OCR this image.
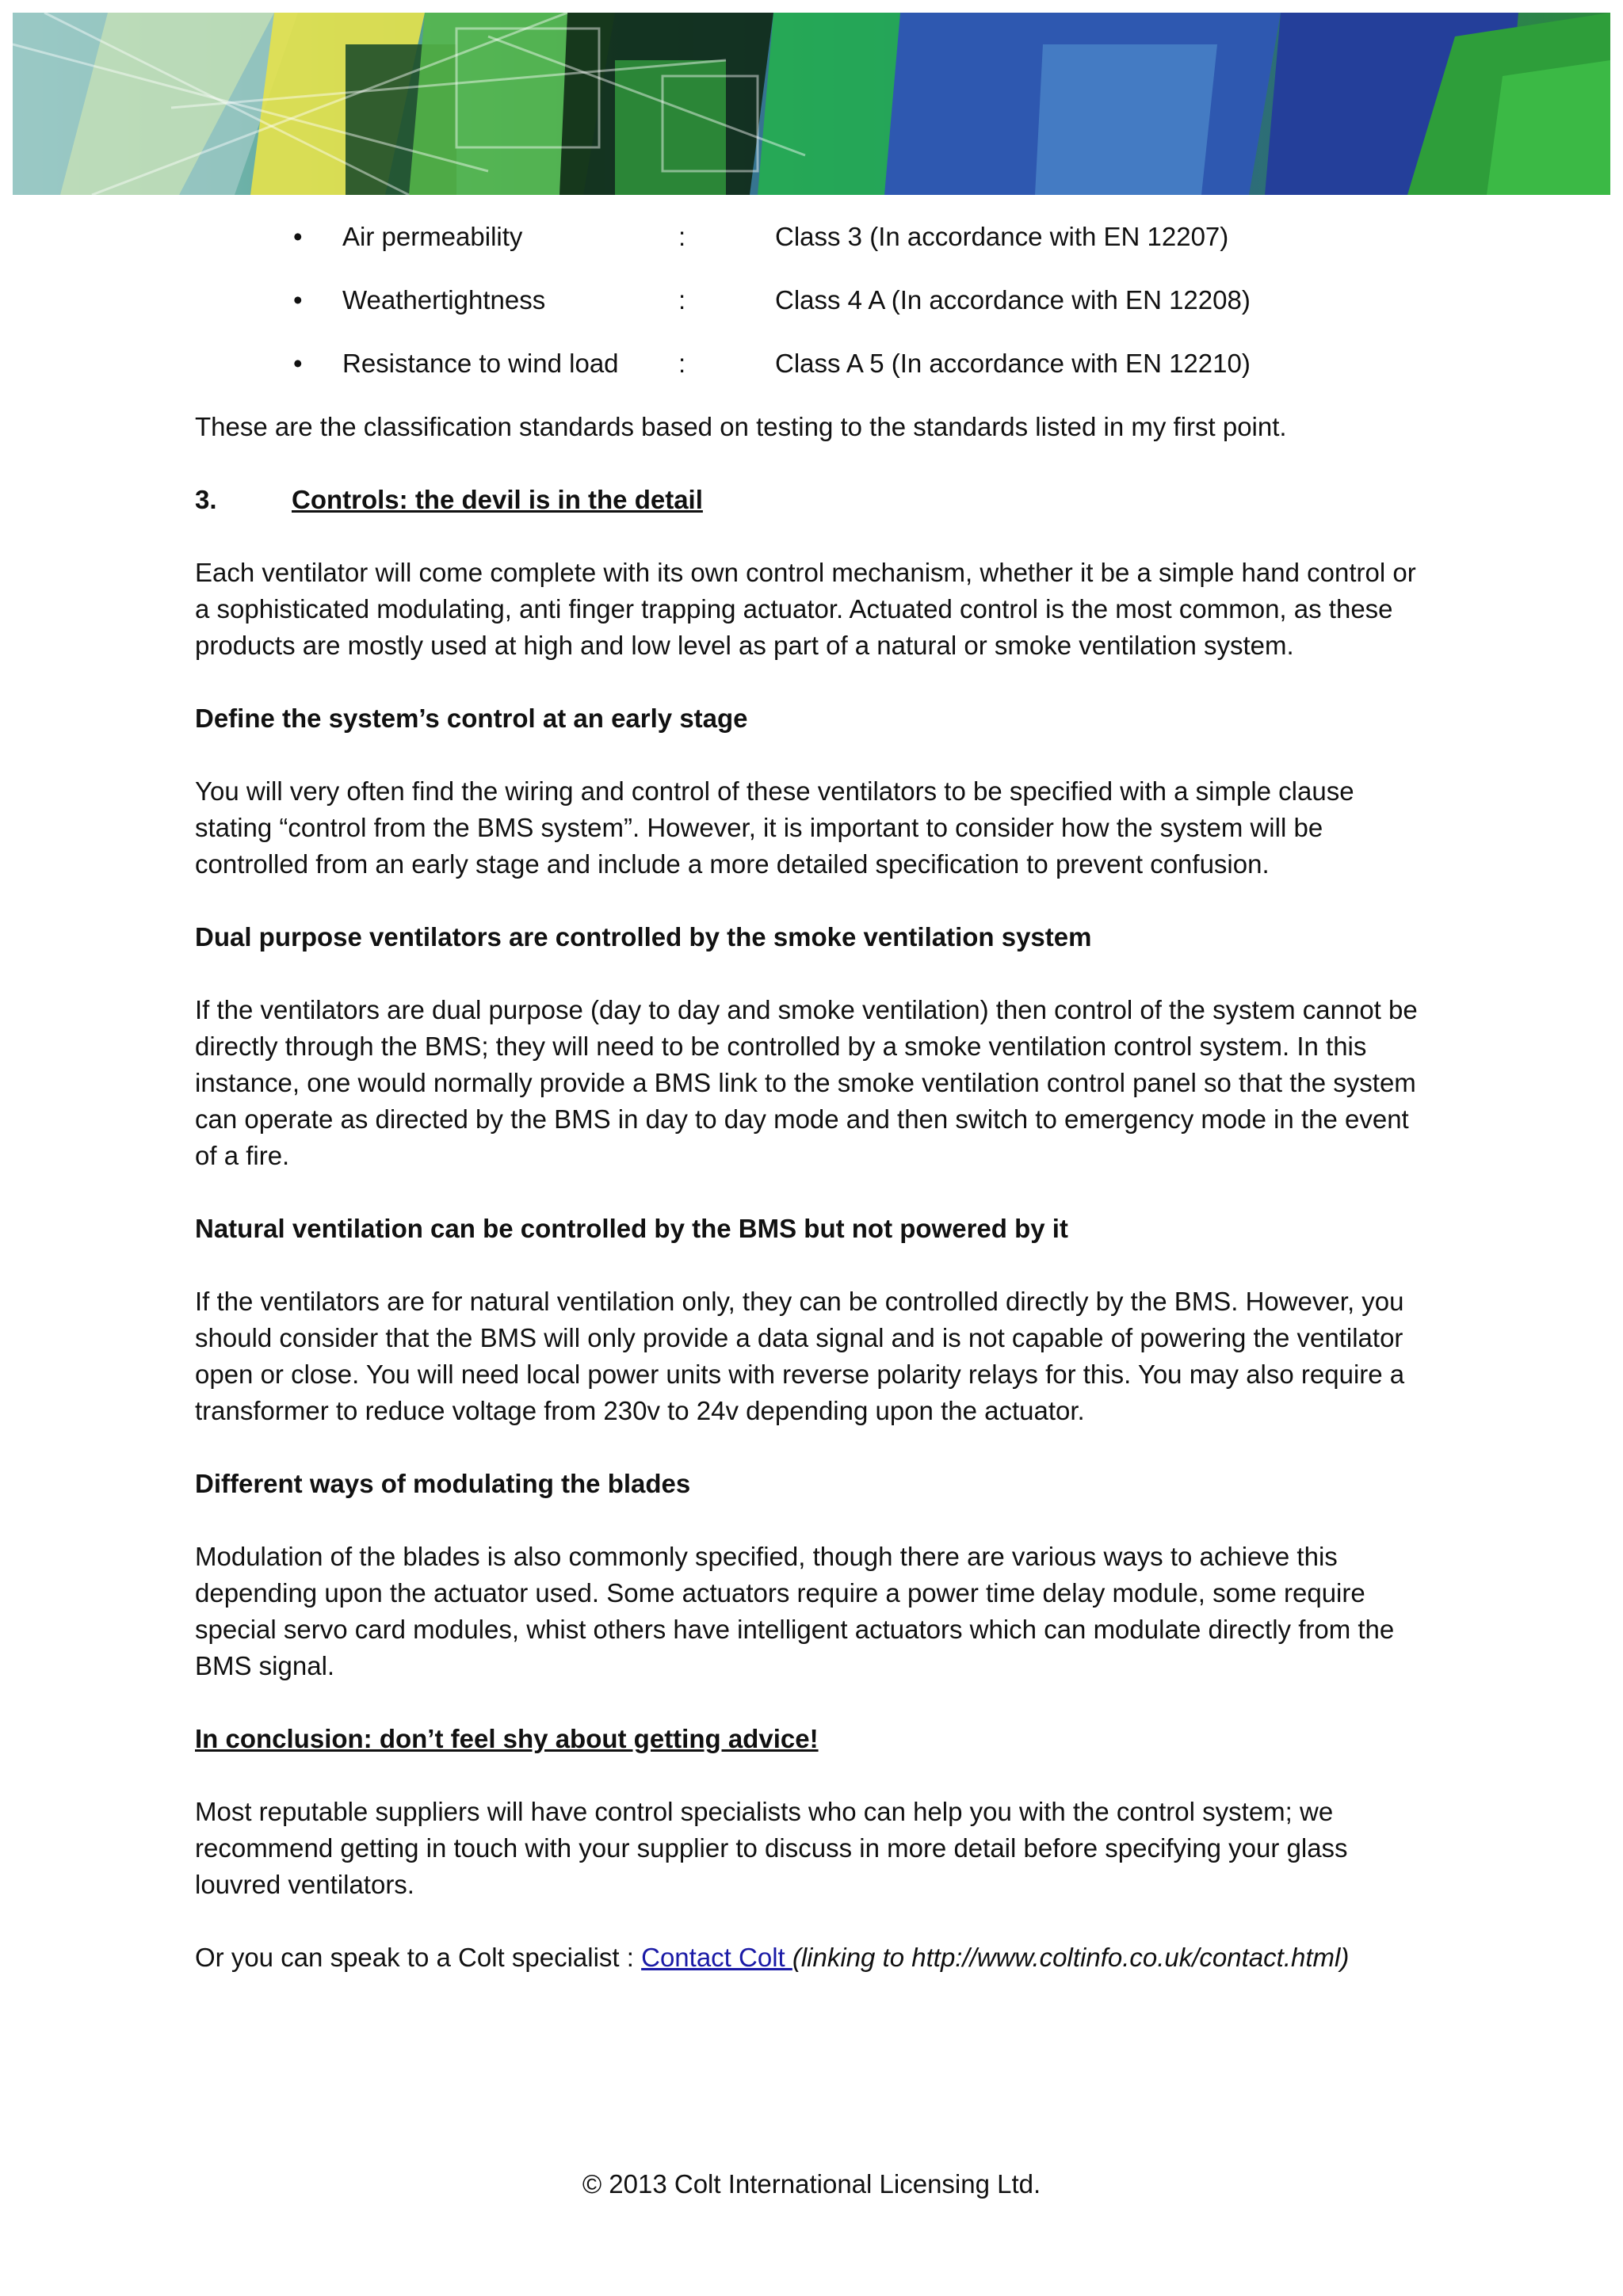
• Air permeability	:	Class 3 (In accordance with EN 12207)
• Weathertightness	:	Class 4 A (In accordance with EN 12208)
• Resistance to wind load :	Class A 5 (In accordance with EN 12210)

These are the classification standards based on testing to the standards listed in my first point.

3.	Controls: the devil is in the detail

Each ventilator will come complete with its own control mechanism, whether it be a simple hand control or a sophisticated modulating, anti finger trapping actuator. Actuated control is the most common, as these products are mostly used at high and low level as part of a natural or smoke ventilation system.

Define the system’s control at an early stage

You will very often find the wiring and control of these ventilators to be specified with a simple clause stating “control from the BMS system”. However, it is important to consider how the system will be controlled from an early stage and include a more detailed specification to prevent confusion.

Dual purpose ventilators are controlled by the smoke ventilation system

If the ventilators are dual purpose (day to day and smoke ventilation) then control of the system cannot be directly through the BMS; they will need to be controlled by a smoke ventilation control system. In this instance, one would normally provide a BMS link to the smoke ventilation control panel so that the system can operate as directed by the BMS in day to day mode and then switch to emergency mode in the event of a fire.

Natural ventilation can be controlled by the BMS but not powered by it

If the ventilators are for natural ventilation only, they can be controlled directly by the BMS. However, you should consider that the BMS will only provide a data signal and is not capable of powering the ventilator open or close. You will need local power units with reverse polarity relays for this. You may also require a transformer to reduce voltage from 230v to 24v depending upon the actuator.

Different ways of modulating the blades

Modulation of the blades is also commonly specified, though there are various ways to achieve this depending upon the actuator used. Some actuators require a power time delay module, some require special servo card modules, whist others have intelligent actuators which can modulate directly from the BMS signal.

In conclusion: don’t feel shy about getting advice!

Most reputable suppliers will have control specialists who can help you with the control system; we recommend getting in touch with your supplier to discuss in more detail before specifying your glass louvred ventilators.

Or you can speak to a Colt specialist : Contact Colt (linking to http://www.coltinfo.co.uk/contact.html)

© 2013 Colt International Licensing Ltd.
